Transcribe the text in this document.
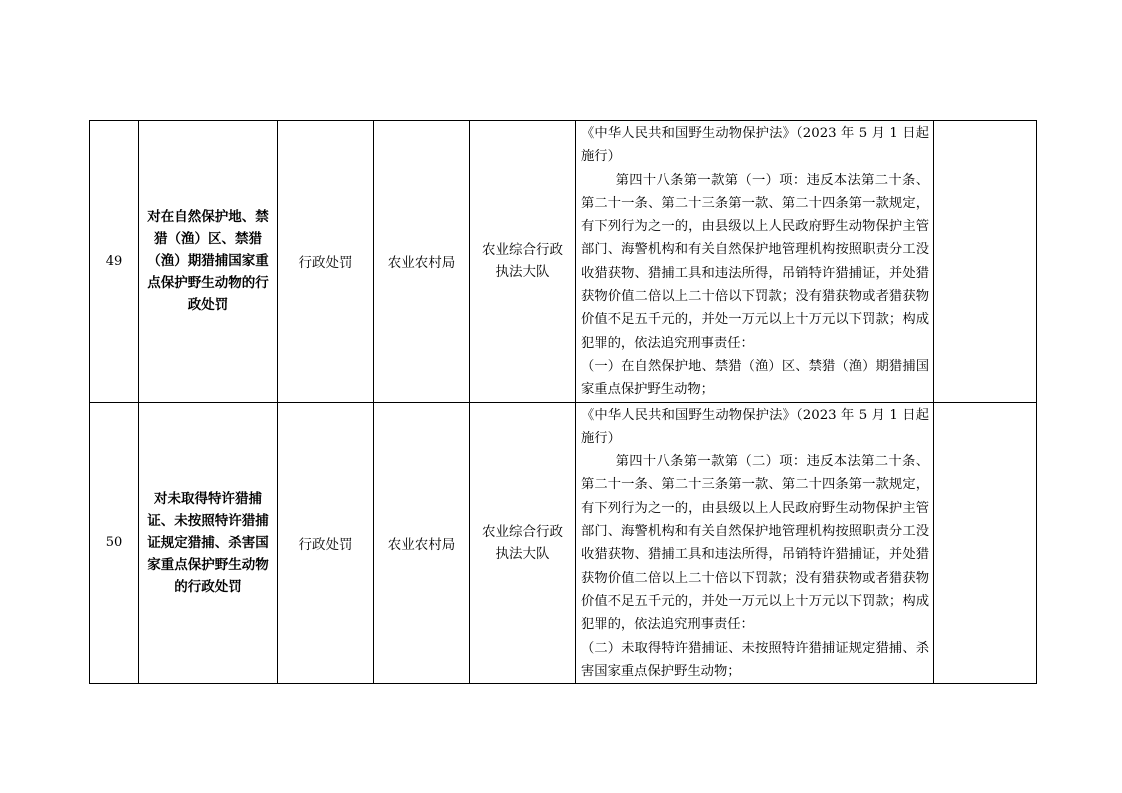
49	对在自然保护地、禁猎（渔）区、禁猎（渔）期猎捕国家重点保护野生动物的行政处罚	行政处罚	农业农村局	农业综合行政执法大队	《中华人民共和国野生动物保护法》（2023 年 5 月 1 日起施行）

第四十八条第一款第（一）项：违反本法第二十条、第二十一条、第二十三条第一款、第二十四条第一款规定，有下列行为之一的，由县级以上人民政府野生动物保护主管部门、海警机构和有关自然保护地管理机构按照职责分工没收猎获物、猎捕工具和违法所得，吊销特许猎捕证，并处猎获物价值二倍以上二十倍以下罚款；没有猎获物或者猎获物价值不足五千元的，并处一万元以上十万元以下罚款；构成犯罪的，依法追究刑事责任：

（一）在自然保护地、禁猎（渔）区、禁猎（渔）期猎捕国家重点保护野生动物；	

50	对未取得特许猎捕证、未按照特许猎捕证规定猎捕、杀害国家重点保护野生动物的行政处罚	行政处罚	农业农村局	农业综合行政执法大队	《中华人民共和国野生动物保护法》（2023 年 5 月 1 日起施行）

第四十八条第一款第（二）项：违反本法第二十条、第二十一条、第二十三条第一款、第二十四条第一款规定，有下列行为之一的，由县级以上人民政府野生动物保护主管部门、海警机构和有关自然保护地管理机构按照职责分工没收猎获物、猎捕工具和违法所得，吊销特许猎捕证，并处猎获物价值二倍以上二十倍以下罚款；没有猎获物或者猎获物价值不足五千元的，并处一万元以上十万元以下罚款；构成犯罪的，依法追究刑事责任：

（二）未取得特许猎捕证、未按照特许猎捕证规定猎捕、杀害国家重点保护野生动物；	
